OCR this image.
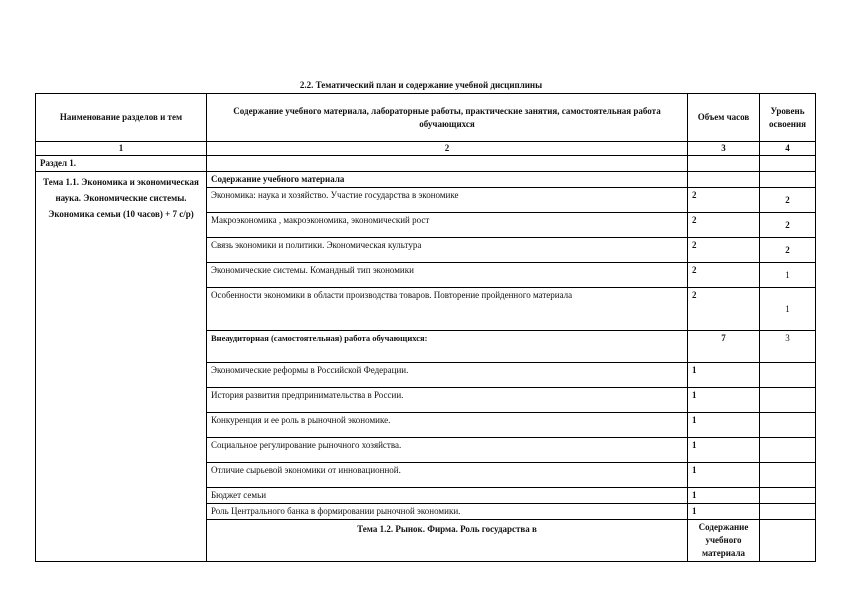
2.2. Тематический план и содержание учебной дисциплины
Наименование разделов и тем	Содержание учебного материала, лабораторные работы, практические занятия, самостоятельная работа обучающихся	Объем часов	Уровень освоения	
1	2	3	4	
Раздел 1.				
Тема 1.1. Экономика и экономическая наука. Экономические системы. Экономика семьи (10 часов) + 7 с/р)	Содержание учебного материала			
	Экономика: наука и хозяйство. Участие государства в экономике	2	2	
	Макроэкономика , макроэкономика, экономический рост	2	2	
	Связь экономики и политики. Экономическая культура	2	2	
	Экономические системы. Командный тип экономики	2	1	
	Особенности экономики в области производства товаров. Повторение пройденного материала	2	1	
	Внеаудиторная (самостоятельная) работа обучающихся:	7	3	
	Экономические реформы в Российской Федерации.	1		
	История развития предпринимательства в России.	1		
	Конкуренция и ее роль в рыночной экономике.	1		
	Социальное регулирование рыночного хозяйства.	1		
	Отличие сырьевой экономики от инновационной.	1		
	Бюджет семьи	1		
	Роль Центрального банка в формировании рыночной экономики.	1		
	Тема 1.2. Рынок. Фирма. Роль государства в	Содержание учебного материала		
